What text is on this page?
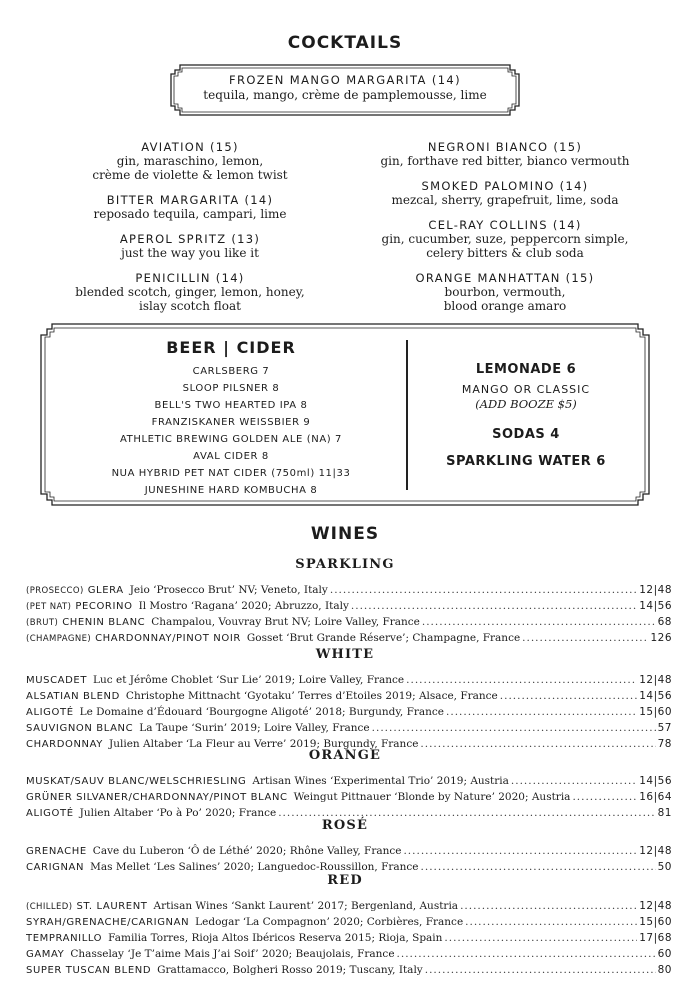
COCKTAILS
FROZEN MANGO MARGARITA (14)
tequila, mango, crème de pamplemousse, lime
AVIATION (15)
gin, maraschino, lemon,
crème de violette & lemon twist
BITTER MARGARITA (14)
reposado tequila, campari, lime
APEROL SPRITZ (13)
just the way you like it
PENICILLIN (14)
blended scotch, ginger, lemon, honey,
islay scotch float
NEGRONI BIANCO (15)
gin, forthave red bitter, bianco vermouth
SMOKED PALOMINO (14)
mezcal, sherry, grapefruit, lime, soda
CEL-RAY COLLINS (14)
gin, cucumber, suze, peppercorn simple,
celery bitters & club soda
ORANGE MANHATTAN (15)
bourbon, vermouth,
blood orange amaro
BEER | CIDER
CARLSBERG 7
SLOOP PILSNER 8
BELL'S TWO HEARTED IPA 8
FRANZISKANER WEISSBIER 9
ATHLETIC BREWING GOLDEN ALE (NA) 7
AVAL CIDER 8
NUA HYBRID PET NAT CIDER (750ml) 11|33
JUNESHINE HARD KOMBUCHA 8
LEMONADE 6
MANGO OR CLASSIC
(ADD BOOZE $5)
SODAS 4
SPARKLING WATER 6
WINES
SPARKLING
(PROSECCO) GLERA Jeio ‘Prosecco Brut’ NV; Veneto, Italy .....	12|48
(PET NAT) PECORINO Il Mostro ‘Ragana’ 2020; Abruzzo, Italy .....	14|56
(BRUT) CHENIN BLANC Champalou, Vouvray Brut NV; Loire Valley, France .....	68
(CHAMPAGNE) CHARDONNAY/PINOT NOIR Gosset ‘Brut Grande Réserve’; Champagne, France .....	126
WHITE
MUSCADET Luc et Jérôme Choblet ‘Sur Lie’ 2019; Loire Valley, France .....	12|48
ALSATIAN BLEND Christophe Mittnacht ‘Gyotaku’ Terres d’Etoiles 2019; Alsace, France .....	14|56
ALIGOTÉ Le Domaine d’Édouard ‘Bourgogne Aligoté’ 2018; Burgundy, France .....	15|60
SAUVIGNON BLANC La Taupe ‘Surin’ 2019; Loire Valley, France .....	57
CHARDONNAY Julien Altaber ‘La Fleur au Verre’ 2019; Burgundy, France .....	78
ORANGE
MUSKAT/SAUV BLANC/WELSCHRIESLING Artisan Wines ‘Experimental Trio’ 2019; Austria .....	14|56
GRÜNER SILVANER/CHARDONNAY/PINOT BLANC Weingut Pittnauer ‘Blonde by Nature’ 2020; Austria .....	16|64
ALIGOTÉ Julien Altaber ‘Po à Po’ 2020; France .....	81
ROSÉ
GRENACHE Cave du Luberon ‘Ô de Léthé’ 2020; Rhône Valley, France .....	12|48
CARIGNAN Mas Mellet ‘Les Salines’ 2020; Languedoc-Roussillon, France .....	50
RED
(CHILLED) ST. LAURENT Artisan Wines ‘Sankt Laurent’ 2017; Bergenland, Austria .....	12|48
SYRAH/GRENACHE/CARIGNAN Ledogar ‘La Compagnon’ 2020; Corbières, France .....	15|60
TEMPRANILLO Familia Torres, Rioja Altos Ibéricos Reserva 2015; Rioja, Spain .....	17|68
GAMAY Chasselay ‘Je T’aime Mais J’ai Soif’ 2020; Beaujolais, France .....	60
SUPER TUSCAN BLEND Grattamacco, Bolgheri Rosso 2019; Tuscany, Italy .....	80
